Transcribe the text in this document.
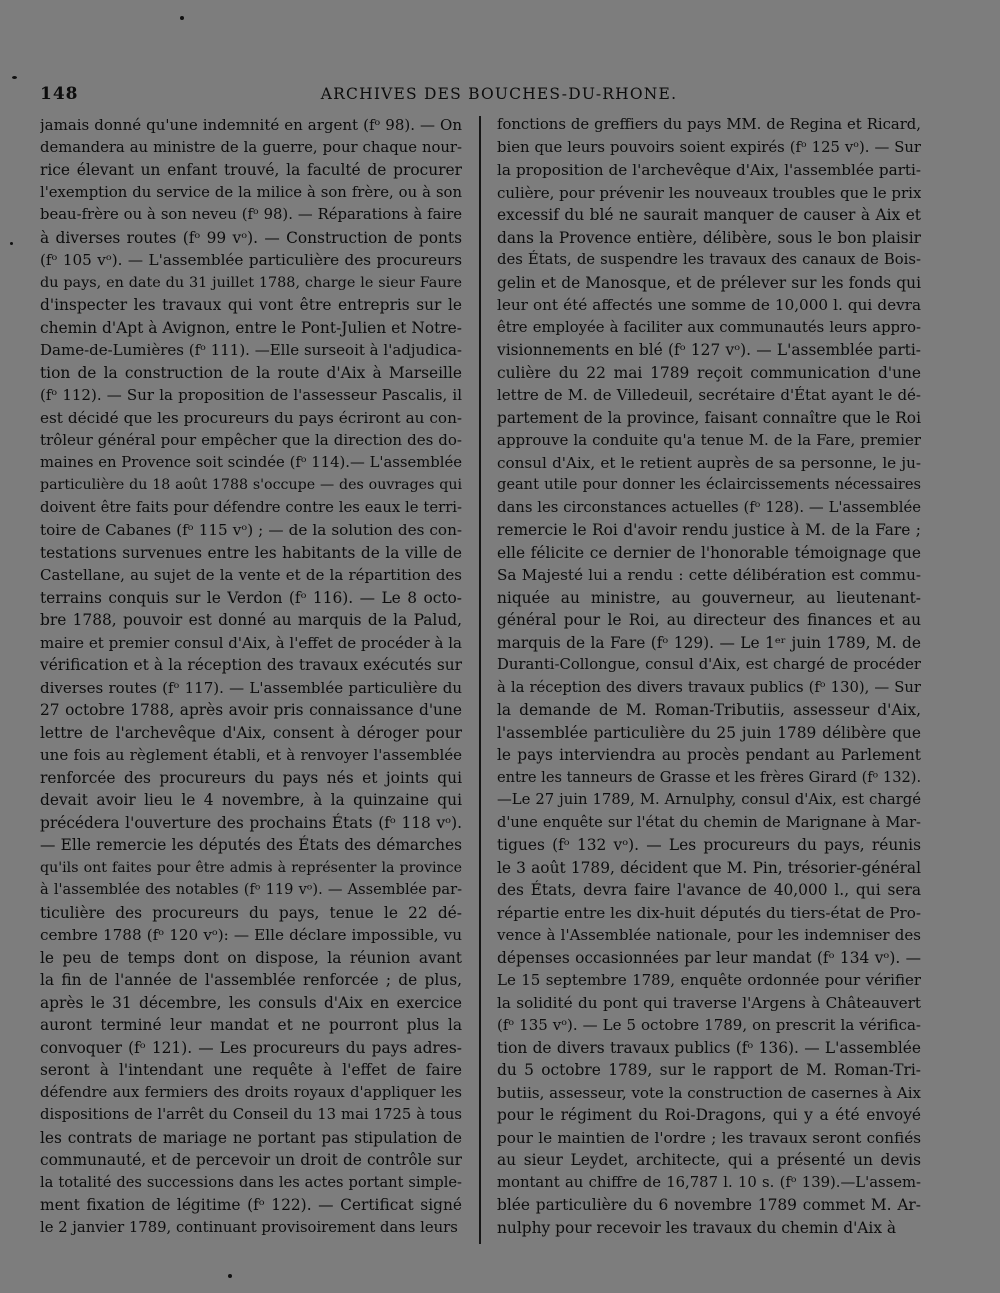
148	ARCHIVES DES BOUCHES-DU-RHONE.
jamais donné qu'une indemnité en argent (fᵒ 98). — On
demandera au ministre de la guerre, pour chaque nour-
rice élevant un enfant trouvé, la faculté de procurer
l'exemption du service de la milice à son frère, ou à son
beau-frère ou à son neveu (fᵒ 98). — Réparations à faire
à diverses routes (fᵒ 99 vᵒ). — Construction de ponts
(fᵒ 105 vᵒ). — L'assemblée particulière des procureurs
du pays, en date du 31 juillet 1788, charge le sieur Faure
d'inspecter les travaux qui vont être entrepris sur le
chemin d'Apt à Avignon, entre le Pont-Julien et Notre-
Dame-de-Lumières (fᵒ 111). —Elle surseoit à l'adjudica-
tion de la construction de la route d'Aix à Marseille
(fᵒ 112). — Sur la proposition de l'assesseur Pascalis, il
est décidé que les procureurs du pays écriront au con-
trôleur général pour empêcher que la direction des do-
maines en Provence soit scindée (fᵒ 114).— L'assemblée
particulière du 18 août 1788 s'occupe — des ouvrages qui
doivent être faits pour défendre contre les eaux le terri-
toire de Cabanes (fᵒ 115 vᵒ) ; — de la solution des con-
testations survenues entre les habitants de la ville de
Castellane, au sujet de la vente et de la répartition des
terrains conquis sur le Verdon (fᵒ 116). — Le 8 octo-
bre 1788, pouvoir est donné au marquis de la Palud,
maire et premier consul d'Aix, à l'effet de procéder à la
vérification et à la réception des travaux exécutés sur
diverses routes (fᵒ 117). — L'assemblée particulière du
27 octobre 1788, après avoir pris connaissance d'une
lettre de l'archevêque d'Aix, consent à déroger pour
une fois au règlement établi, et à renvoyer l'assemblée
renforcée des procureurs du pays nés et joints qui
devait avoir lieu le 4 novembre, à la quinzaine qui
précédera l'ouverture des prochains États (fᵒ 118 vᵒ).
— Elle remercie les députés des États des démarches
qu'ils ont faites pour être admis à représenter la province
à l'assemblée des notables (fᵒ 119 vᵒ). — Assemblée par-
ticulière des procureurs du pays, tenue le 22 dé-
cembre 1788 (fᵒ 120 vᵒ): — Elle déclare impossible, vu
le peu de temps dont on dispose, la réunion avant
la fin de l'année de l'assemblée renforcée ; de plus,
après le 31 décembre, les consuls d'Aix en exercice
auront terminé leur mandat et ne pourront plus la
convoquer (fᵒ 121). — Les procureurs du pays adres-
seront à l'intendant une requête à l'effet de faire
défendre aux fermiers des droits royaux d'appliquer les
dispositions de l'arrêt du Conseil du 13 mai 1725 à tous
les contrats de mariage ne portant pas stipulation de
communauté, et de percevoir un droit de contrôle sur
la totalité des successions dans les actes portant simple-
ment fixation de légitime (fᵒ 122). — Certificat signé
le 2 janvier 1789, continuant provisoirement dans leurs
fonctions de greffiers du pays MM. de Regina et Ricard,
bien que leurs pouvoirs soient expirés (fᵒ 125 vᵒ). — Sur
la proposition de l'archevêque d'Aix, l'assemblée parti-
culière, pour prévenir les nouveaux troubles que le prix
excessif du blé ne saurait manquer de causer à Aix et
dans la Provence entière, délibère, sous le bon plaisir
des États, de suspendre les travaux des canaux de Bois-
gelin et de Manosque, et de prélever sur les fonds qui
leur ont été affectés une somme de 10,000 l. qui devra
être employée à faciliter aux communautés leurs appro-
visionnements en blé (fᵒ 127 vᵒ). — L'assemblée parti-
culière du 22 mai 1789 reçoit communication d'une
lettre de M. de Villedeuil, secrétaire d'État ayant le dé-
partement de la province, faisant connaître que le Roi
approuve la conduite qu'a tenue M. de la Fare, premier
consul d'Aix, et le retient auprès de sa personne, le ju-
geant utile pour donner les éclaircissements nécessaires
dans les circonstances actuelles (fᵒ 128). — L'assemblée
remercie le Roi d'avoir rendu justice à M. de la Fare ;
elle félicite ce dernier de l'honorable témoignage que
Sa Majesté lui a rendu : cette délibération est commu-
niquée au ministre, au gouverneur, au lieutenant-
général pour le Roi, au directeur des finances et au
marquis de la Fare (fᵒ 129). — Le 1ᵉʳ juin 1789, M. de
Duranti-Collongue, consul d'Aix, est chargé de procéder
à la réception des divers travaux publics (fᵒ 130), — Sur
la demande de M. Roman-Tributiis, assesseur d'Aix,
l'assemblée particulière du 25 juin 1789 délibère que
le pays interviendra au procès pendant au Parlement
entre les tanneurs de Grasse et les frères Girard (fᵒ 132).
—Le 27 juin 1789, M. Arnulphy, consul d'Aix, est chargé
d'une enquête sur l'état du chemin de Marignane à Mar-
tigues (fᵒ 132 vᵒ). — Les procureurs du pays, réunis
le 3 août 1789, décident que M. Pin, trésorier-général
des États, devra faire l'avance de 40,000 l., qui sera
répartie entre les dix-huit députés du tiers-état de Pro-
vence à l'Assemblée nationale, pour les indemniser des
dépenses occasionnées par leur mandat (fᵒ 134 vᵒ). —
Le 15 septembre 1789, enquête ordonnée pour vérifier
la solidité du pont qui traverse l'Argens à Châteauvert
(fᵒ 135 vᵒ). — Le 5 octobre 1789, on prescrit la vérifica-
tion de divers travaux publics (fᵒ 136). — L'assemblée
du 5 octobre 1789, sur le rapport de M. Roman-Tri-
butiis, assesseur, vote la construction de casernes à Aix
pour le régiment du Roi-Dragons, qui y a été envoyé
pour le maintien de l'ordre ; les travaux seront confiés
au sieur Leydet, architecte, qui a présenté un devis
montant au chiffre de 16,787 l. 10 s. (fᵒ 139).—L'assem-
blée particulière du 6 novembre 1789 commet M. Ar-
nulphy pour recevoir les travaux du chemin d'Aix à
